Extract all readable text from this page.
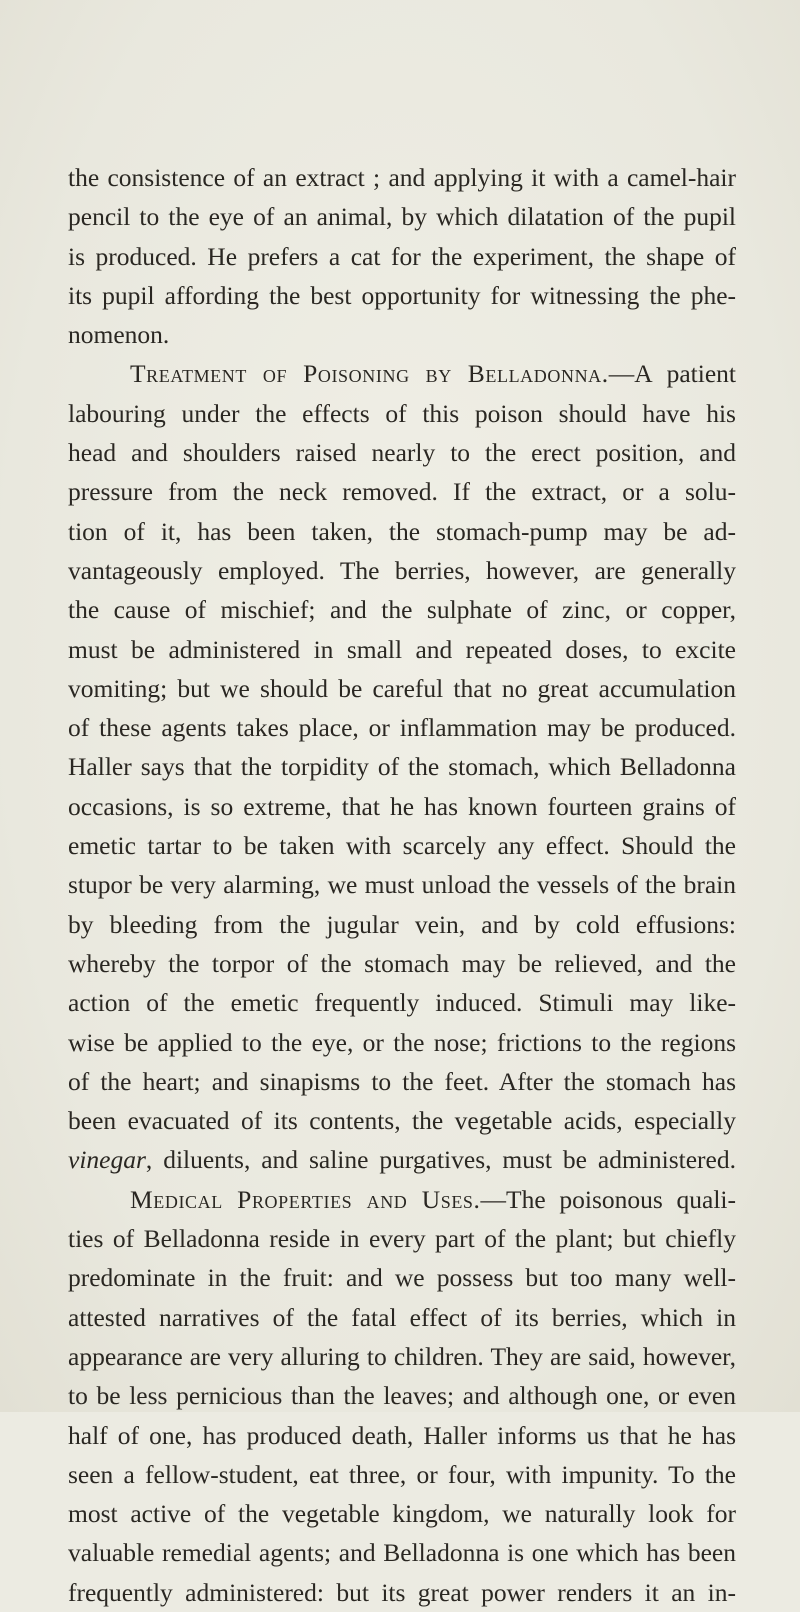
the consistence of an extract ; and applying it with a camel-hair
pencil to the eye of an animal, by which dilatation of the pupil
is produced. He prefers a cat for the experiment, the shape of
its pupil affording the best opportunity for witnessing the phe-
nomenon.
Treatment of Poisoning by Belladonna.—A patient
labouring under the effects of this poison should have his
head and shoulders raised nearly to the erect position, and
pressure from the neck removed. If the extract, or a solu-
tion of it, has been taken, the stomach-pump may be ad-
vantageously employed. The berries, however, are generally
the cause of mischief; and the sulphate of zinc, or copper,
must be administered in small and repeated doses, to excite
vomiting; but we should be careful that no great accumulation
of these agents takes place, or inflammation may be produced.
Haller says that the torpidity of the stomach, which Belladonna
occasions, is so extreme, that he has known fourteen grains of
emetic tartar to be taken with scarcely any effect. Should the
stupor be very alarming, we must unload the vessels of the brain
by bleeding from the jugular vein, and by cold effusions:
whereby the torpor of the stomach may be relieved, and the
action of the emetic frequently induced. Stimuli may like-
wise be applied to the eye, or the nose; frictions to the regions
of the heart; and sinapisms to the feet. After the stomach has
been evacuated of its contents, the vegetable acids, especially
vinegar, diluents, and saline purgatives, must be administered.
Medical Properties and Uses.—The poisonous quali-
ties of Belladonna reside in every part of the plant; but chiefly
predominate in the fruit: and we possess but too many well-
attested narratives of the fatal effect of its berries, which in
appearance are very alluring to children. They are said, however,
to be less pernicious than the leaves; and although one, or even
half of one, has produced death, Haller informs us that he has
seen a fellow-student, eat three, or four, with impunity. To the
most active of the vegetable kingdom, we naturally look for
valuable remedial agents; and Belladonna is one which has been
frequently administered: but its great power renders it an in-
